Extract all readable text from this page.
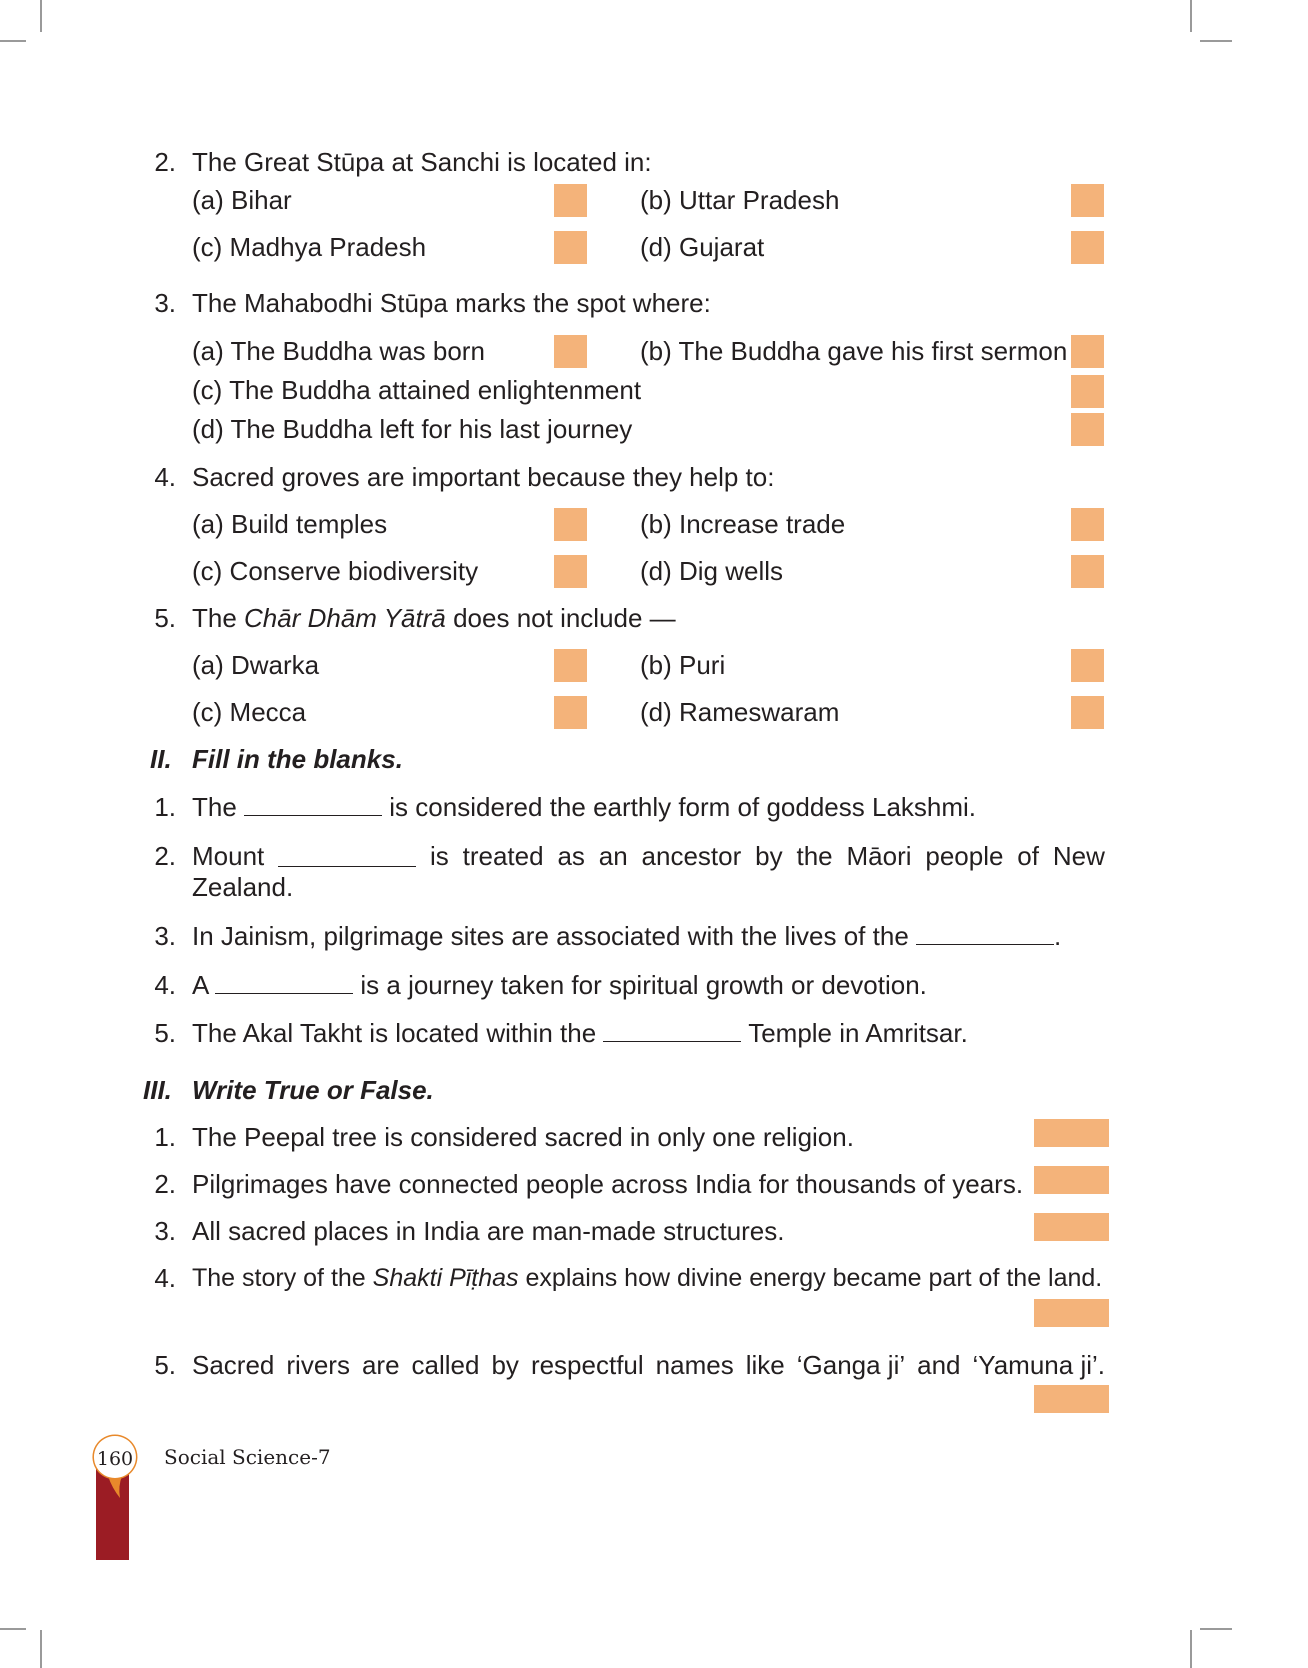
2. The Great Stūpa at Sanchi is located in:
(a) Bihar	(b) Uttar Pradesh
(c) Madhya Pradesh	(d) Gujarat
3. The Mahabodhi Stūpa marks the spot where:
(a) The Buddha was born	(b) The Buddha gave his first sermon
(c) The Buddha attained enlightenment
(d) The Buddha left for his last journey
4. Sacred groves are important because they help to:
(a) Build temples	(b) Increase trade
(c) Conserve biodiversity	(d) Dig wells
5. The Chār Dhām Yātrā does not include —
(a) Dwarka	(b) Puri
(c) Mecca	(d) Rameswaram
II. Fill in the blanks.
1. The	is considered the earthly form of goddess Lakshmi.
2. Mount	is treated as an ancestor by the Māori people of New
Zealand.
3. In Jainism, pilgrimage sites are associated with the lives of the	.
4. A	is a journey taken for spiritual growth or devotion.
5. The Akal Takht is located within the	Temple in Amritsar.
III. Write True or False.
1. The Peepal tree is considered sacred in only one religion.
2. Pilgrimages have connected people across India for thousands of years.
3. All sacred places in India are man-made structures.
4. The story of the Shakti Pīṭhas explains how divine energy became part of the land.
5. Sacred rivers are called by respectful names like ‘Ganga ji’ and ‘Yamuna ji’.
160 Social Science-7
